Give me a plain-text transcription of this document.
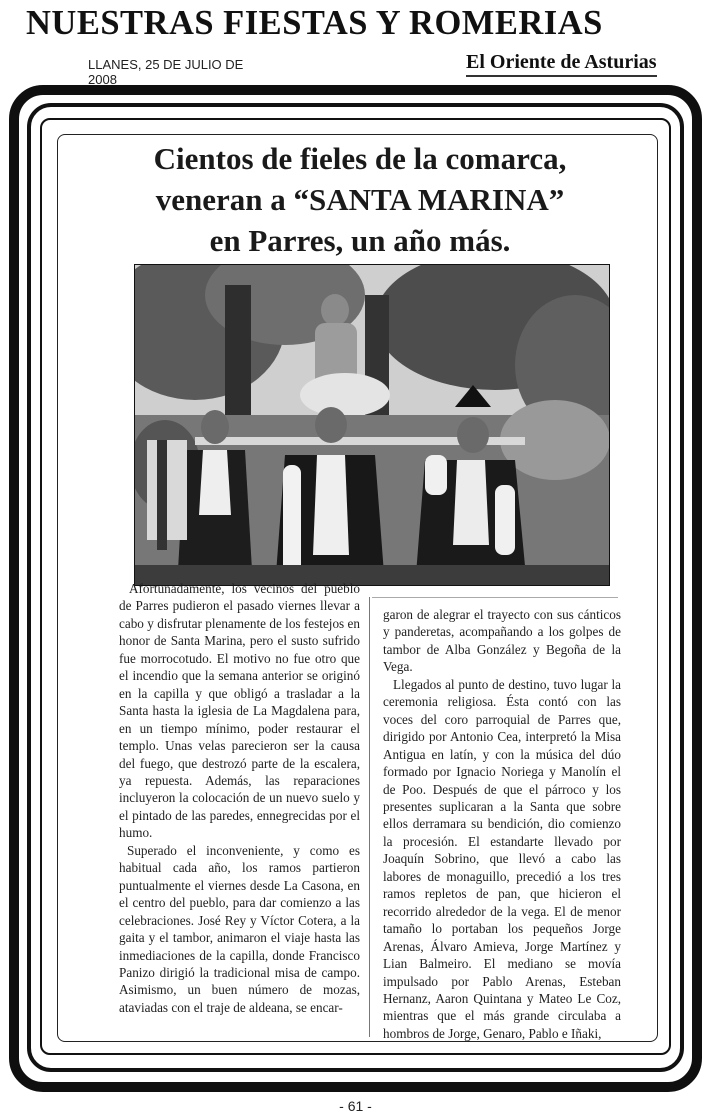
NUESTRAS FIESTAS Y ROMERIAS
LLANES, 25 DE JULIO DE 2008
El Oriente de Asturias
Cientos de fieles de la comarca,
veneran a “SANTA MARINA”
en Parres, un año más.

Afortunadamente, los vecinos del pueblo de Parres pudieron el pasado viernes llevar a cabo y disfrutar plenamente de los festejos en honor de Santa Marina, pero el susto sufrido fue morrocotudo. El motivo no fue otro que el incendio que la semana anterior se originó en la capilla y que obligó a trasladar a la Santa hasta la iglesia de La Magdalena para, en un tiempo mínimo, poder restaurar el templo. Unas velas parecieron ser la causa del fuego, que destrozó parte de la escalera, ya repuesta. Además, las reparaciones incluyeron la colocación de un nuevo suelo y el pintado de las paredes, ennegrecidas por el humo.

Superado el inconveniente, y como es habitual cada año, los ramos partieron puntualmente el viernes desde La Casona, en el centro del pueblo, para dar comienzo a las celebraciones. José Rey y Víctor Cotera, a la gaita y el tambor, animaron el viaje hasta las inmediaciones de la capilla, donde Francisco Panizo dirigió la tradicional misa de campo. Asimismo, un buen número de mozas, ataviadas con el traje de aldeana, se encar-

garon de alegrar el trayecto con sus cánticos y panderetas, acompañando a los golpes de tambor de Alba González y Begoña de la Vega.

Llegados al punto de destino, tuvo lugar la ceremonia religiosa. Ésta contó con las voces del coro parroquial de Parres que, dirigido por Antonio Cea, interpretó la Misa Antigua en latín, y con la música del dúo formado por Ignacio Noriega y Manolín el de Poo. Después de que el párroco y los presentes suplicaran a la Santa que sobre ellos derramara su bendición, dio comienzo la procesión. El estandarte llevado por Joaquín Sobrino, que llevó a cabo las labores de monaguillo, precedió a los tres ramos repletos de pan, que hicieron el recorrido alrededor de la vega. El de menor tamaño lo portaban los pequeños Jorge Arenas, Álvaro Amieva, Jorge Martínez y Lian Balmeiro. El mediano se movía impulsado por Pablo Arenas, Esteban Hernanz, Aaron Quintana y Mateo Le Coz, mientras que el más grande circulaba a hombros de Jorge, Genaro, Pablo e Iñaki,

- 61 -
